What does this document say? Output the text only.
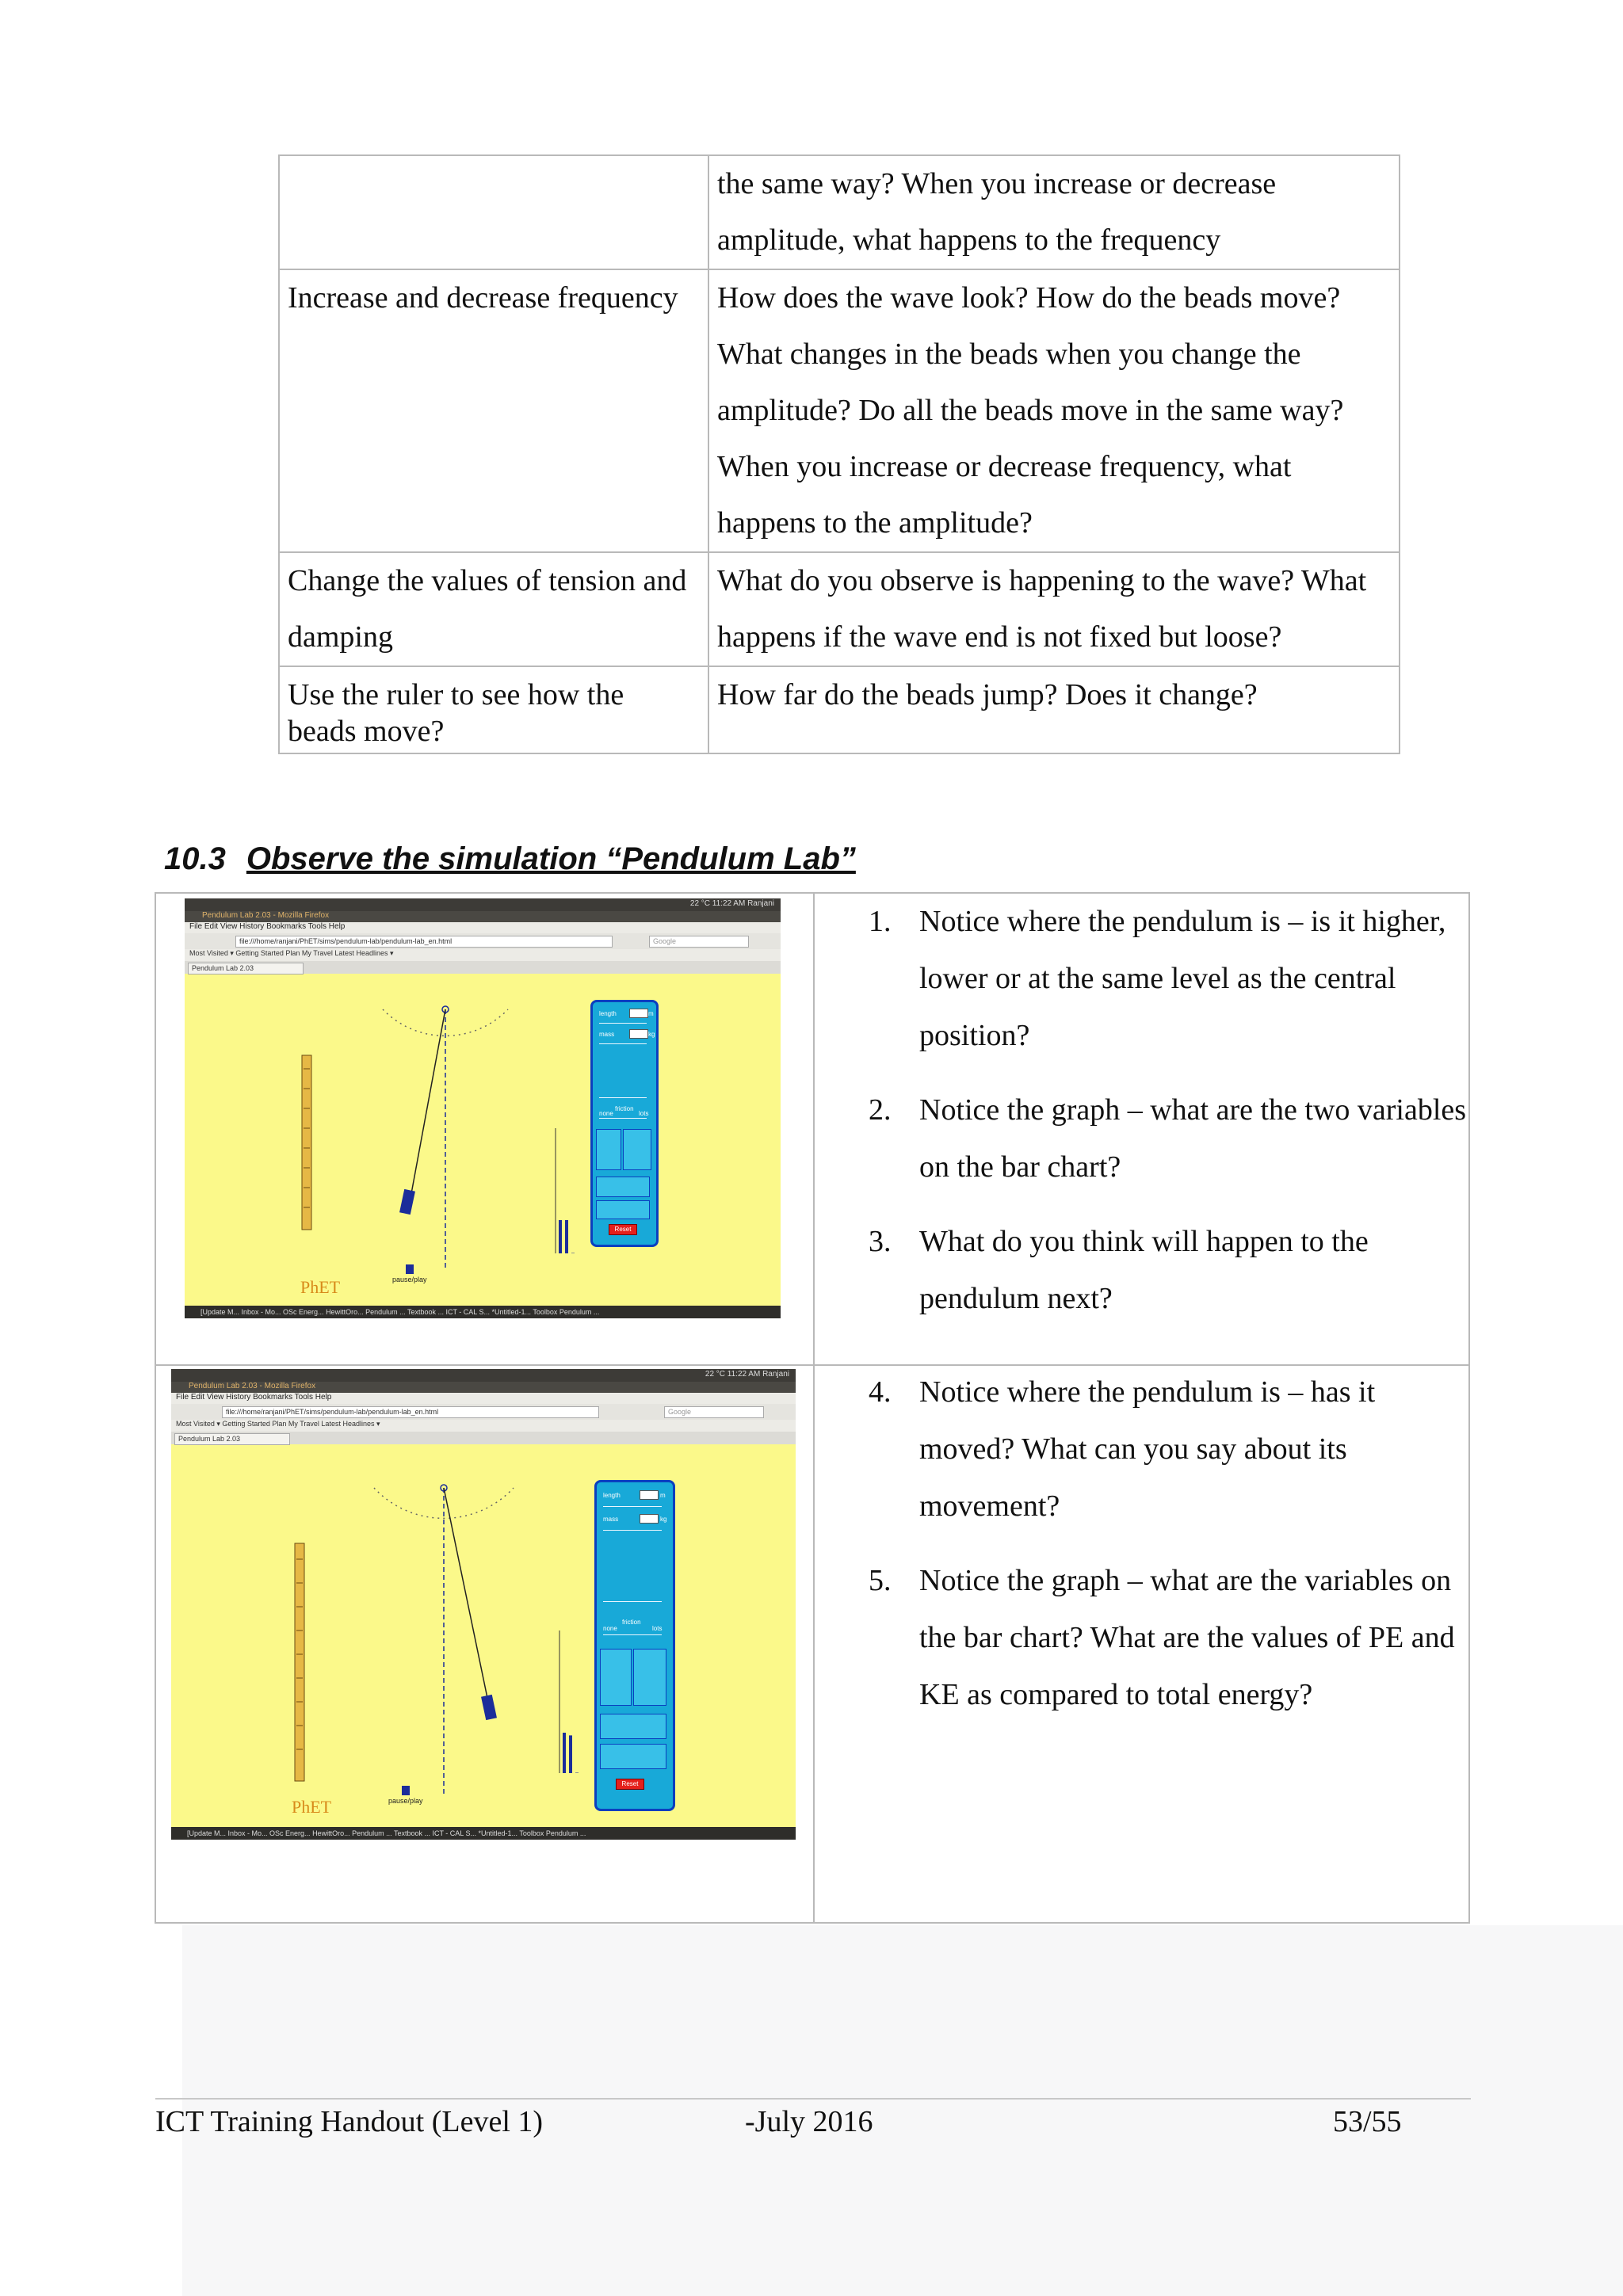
	the same way? When you increase or decrease amplitude, what happens to the frequency
Increase and decrease frequency	How does the wave look? How do the beads move? What changes in the beads when you change the amplitude? Do all the beads move in the same way? When you increase or decrease frequency, what happens to the amplitude?
Change the values of tension and damping	What do you observe is happening to the wave? What happens if the wave end is not fixed but loose?
Use the ruler to see how the beads move?	How far do the beads jump? Does it change?
10.3 Observe the simulation “Pendulum Lab”
22 °C 11:22 AM Ranjani
Pendulum Lab 2.03 - Mozilla Firefox
File Edit View History Bookmarks Tools Help
file:///home/ranjani/PhET/sims/pendulum-lab/pendulum-lab_en.html	Google
Most Visited ▾ Getting Started Plan My Travel Latest Headlines ▾
Pendulum Lab 2.03
length	m
mass	kg
none
friction
lots
Reset
PhET	pause/play
[Update M... Inbox - Mo... OSc Energ... HewittOro... Pendulum ... Textbook ... ICT - CAL S... *Untitled-1... Toolbox Pendulum ...
22 °C 11:22 AM Ranjani
Pendulum Lab 2.03 - Mozilla Firefox
File Edit View History Bookmarks Tools Help
file:///home/ranjani/PhET/sims/pendulum-lab/pendulum-lab_en.html	Google
Most Visited ▾ Getting Started Plan My Travel Latest Headlines ▾
Pendulum Lab 2.03
length	m
mass	kg
none
friction
lots
Reset
PhET	pause/play
[Update M... Inbox - Mo... OSc Energ... HewittOro... Pendulum ... Textbook ... ICT - CAL S... *Untitled-1... Toolbox Pendulum ...
1. Notice where the pendulum is – is it higher, lower or at the same level as the central position?
2. Notice the graph – what are the two variables on the bar chart?
3. What do you think will happen to the pendulum next?
4. Notice where the pendulum is – has it moved? What can you say about its movement?
5. Notice the graph – what are the variables on the bar chart? What are the values of PE and KE as compared to total energy?
ICT Training Handout (Level 1)	-July 2016	53/55
